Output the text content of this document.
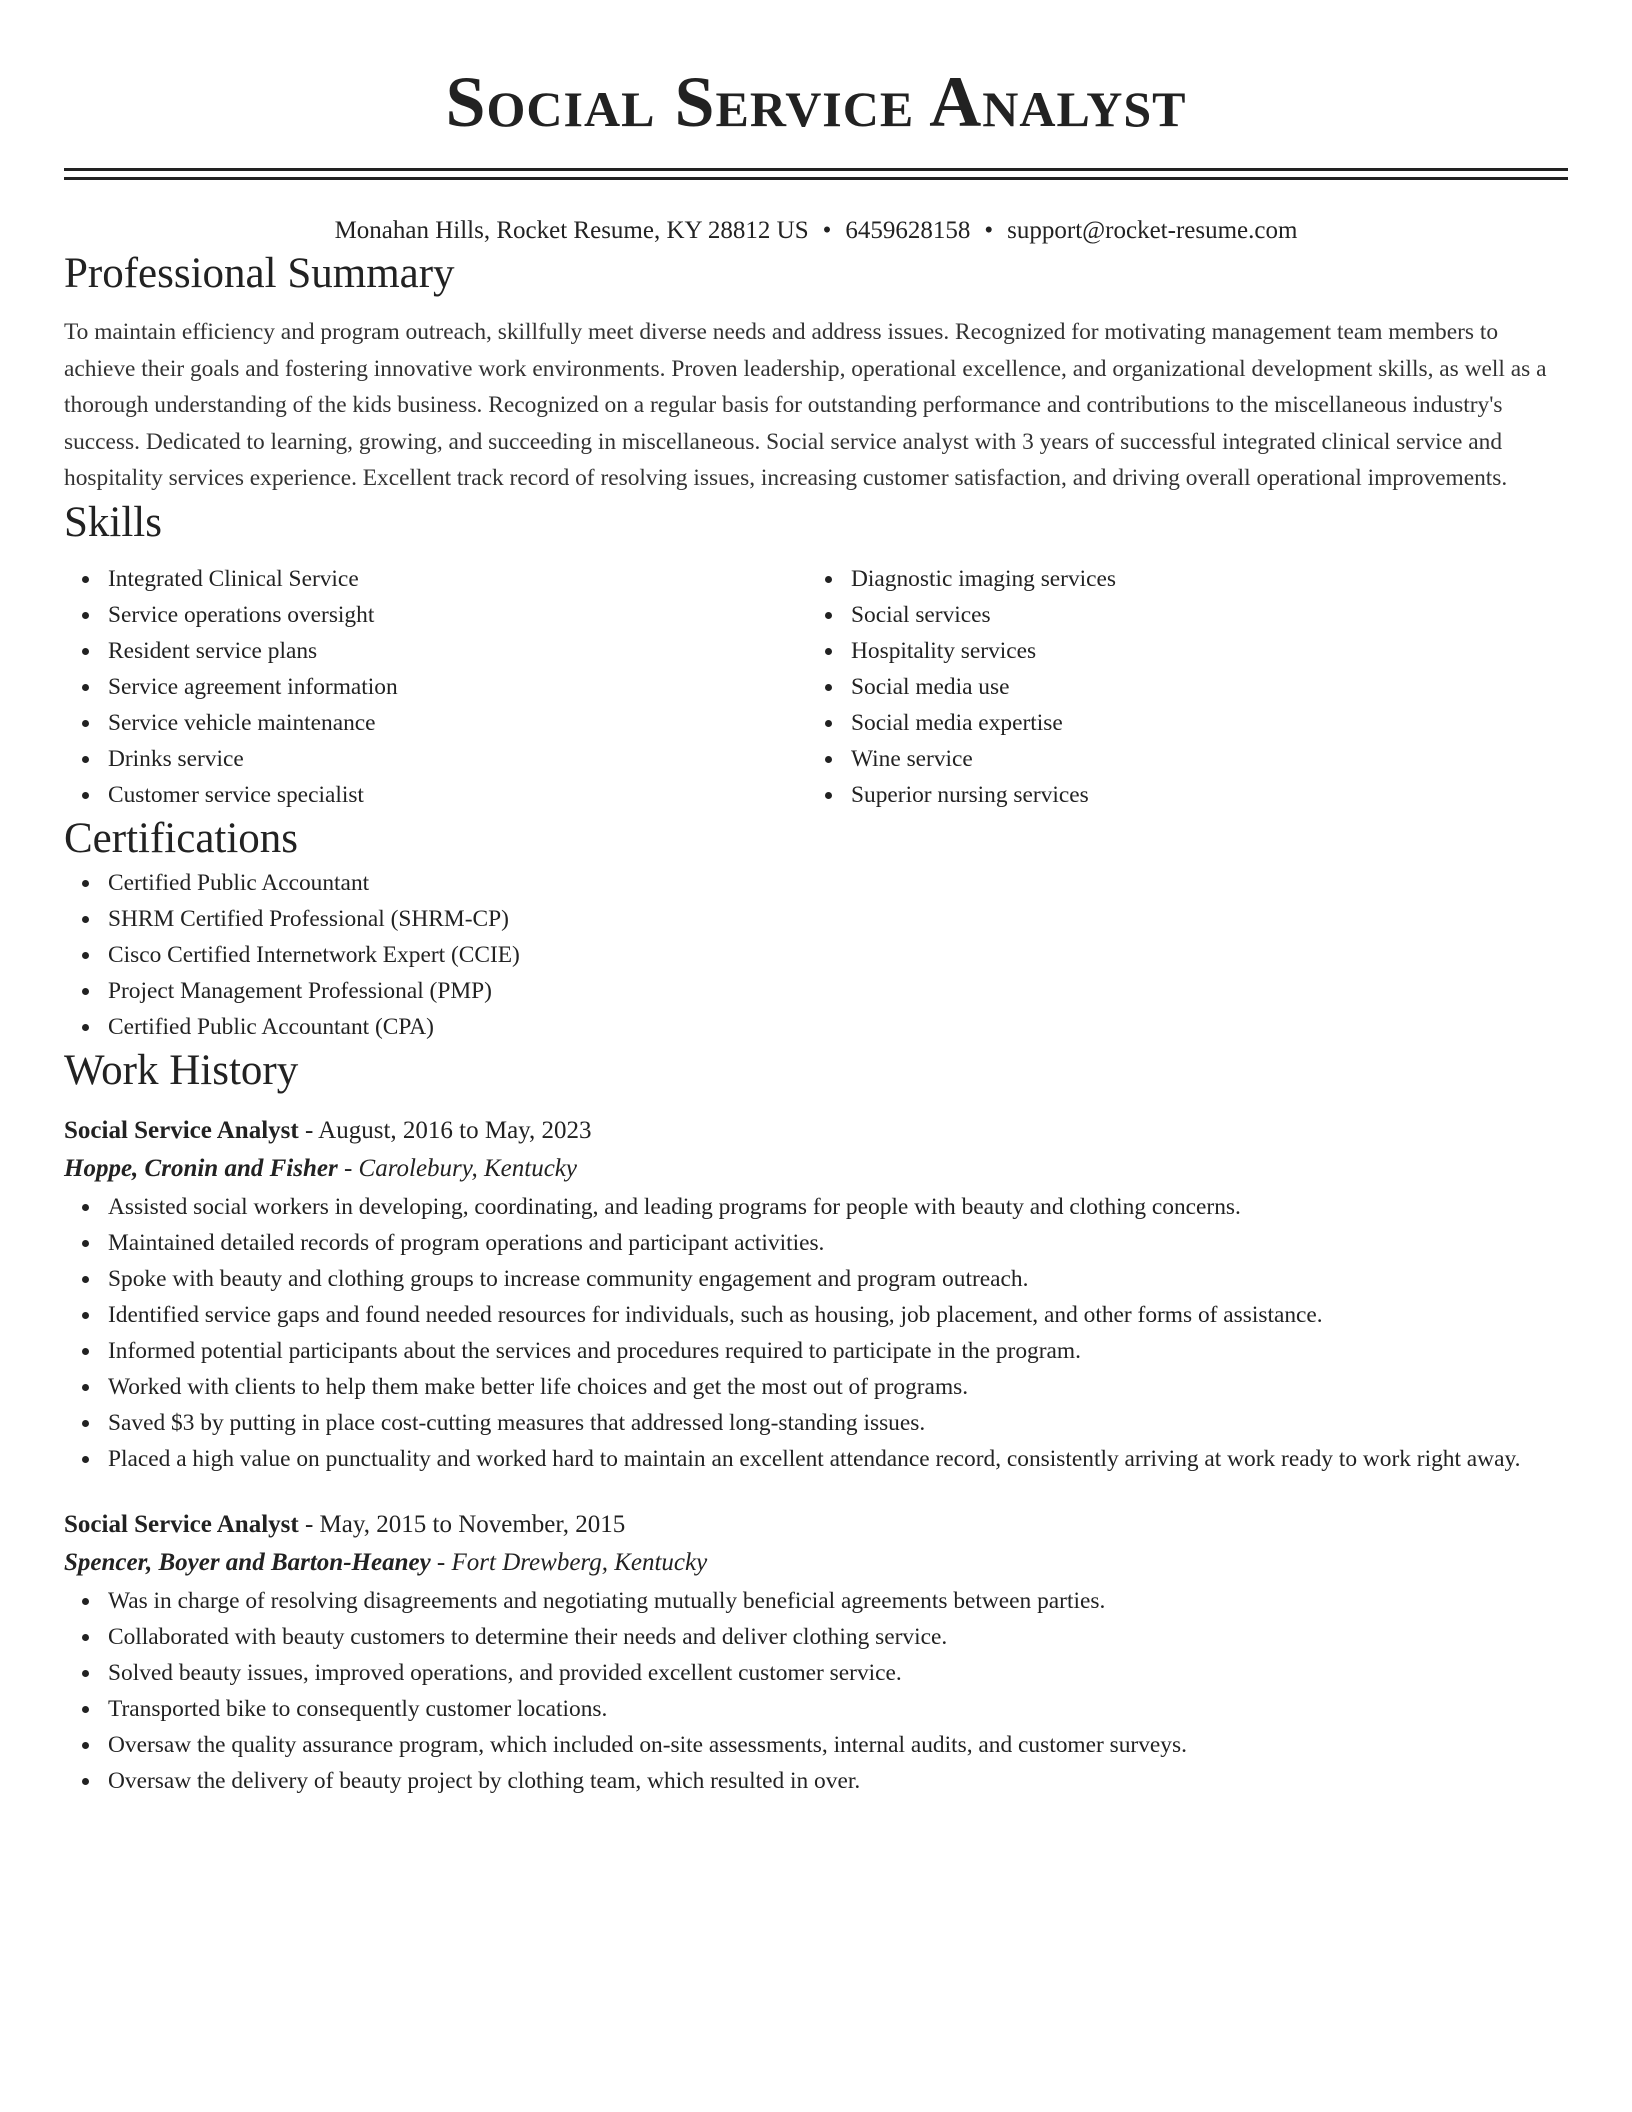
Social Service Analyst
Monahan Hills, Rocket Resume, KY 28812 US • 6459628158 • support@rocket-resume.com
Professional Summary

To maintain efficiency and program outreach, skillfully meet diverse needs and address issues. Recognized for motivating management team members to achieve their goals and fostering innovative work environments. Proven leadership, operational excellence, and organizational development skills, as well as a thorough understanding of the kids business. Recognized on a regular basis for outstanding performance and contributions to the miscellaneous industry's success. Dedicated to learning, growing, and succeeding in miscellaneous. Social service analyst with 3 years of successful integrated clinical service and hospitality services experience. Excellent track record of resolving issues, increasing customer satisfaction, and driving overall operational improvements.

Skills
Integrated Clinical Service
Service operations oversight
Resident service plans
Service agreement information
Service vehicle maintenance
Drinks service
Customer service specialist
Diagnostic imaging services
Social services
Hospitality services
Social media use
Social media expertise
Wine service
Superior nursing services
Certifications
Certified Public Accountant
SHRM Certified Professional (SHRM-CP)
Cisco Certified Internetwork Expert (CCIE)
Project Management Professional (PMP)
Certified Public Accountant (CPA)
Work History
Social Service Analyst - August, 2016 to May, 2023
Hoppe, Cronin and Fisher - Carolebury, Kentucky
Assisted social workers in developing, coordinating, and leading programs for people with beauty and clothing concerns.
Maintained detailed records of program operations and participant activities.
Spoke with beauty and clothing groups to increase community engagement and program outreach.
Identified service gaps and found needed resources for individuals, such as housing, job placement, and other forms of assistance.
Informed potential participants about the services and procedures required to participate in the program.
Worked with clients to help them make better life choices and get the most out of programs.
Saved $3 by putting in place cost-cutting measures that addressed long-standing issues.
Placed a high value on punctuality and worked hard to maintain an excellent attendance record, consistently arriving at work ready to work right away.
Social Service Analyst - May, 2015 to November, 2015
Spencer, Boyer and Barton-Heaney - Fort Drewberg, Kentucky
Was in charge of resolving disagreements and negotiating mutually beneficial agreements between parties.
Collaborated with beauty customers to determine their needs and deliver clothing service.
Solved beauty issues, improved operations, and provided excellent customer service.
Transported bike to consequently customer locations.
Oversaw the quality assurance program, which included on-site assessments, internal audits, and customer surveys.
Oversaw the delivery of beauty project by clothing team, which resulted in over.
